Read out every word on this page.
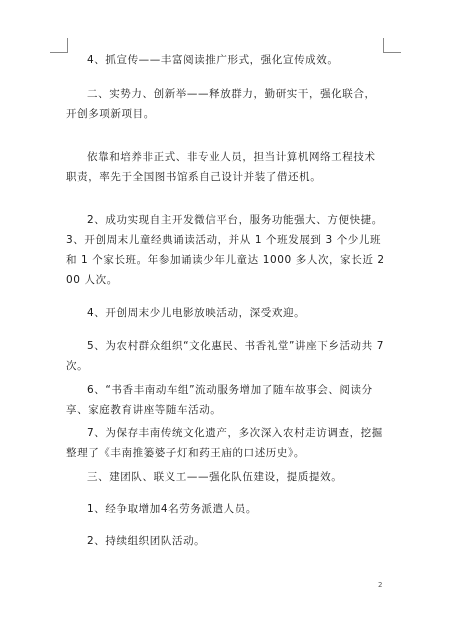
4、抓宣传——丰富阅读推广形式，强化宣传成效。

二、实势力、创新举——释放群力，勤研实干，强化联合，开创多项新项目。

依靠和培养非正式、非专业人员，担当计算机网络工程技术职责，率先于全国图书馆系自己设计并装了借还机。

2、成功实现自主开发微信平台，服务功能强大、方便快捷。3、开创周末儿童经典诵读活动，并从 1 个班发展到 3 个少儿班和 1 个家长班。年参加诵读少年儿童达 1000 多人次，家长近 200 人次。

4、开创周末少儿电影放映活动，深受欢迎。

5、为农村群众组织“文化惠民、书香礼堂”讲座下乡活动共 7 次。

6、“书香丰南动车组”流动服务增加了随车故事会、阅读分享、家庭教育讲座等随车活动。

7、为保存丰南传统文化遗产，多次深入农村走访调查，挖掘整理了《丰南推篓婆子灯和药王庙的口述历史》。

三、建团队、联义工——强化队伍建设，提质提效。

1、经争取增加4名劳务派遣人员。

2、持续组织团队活动。

2
